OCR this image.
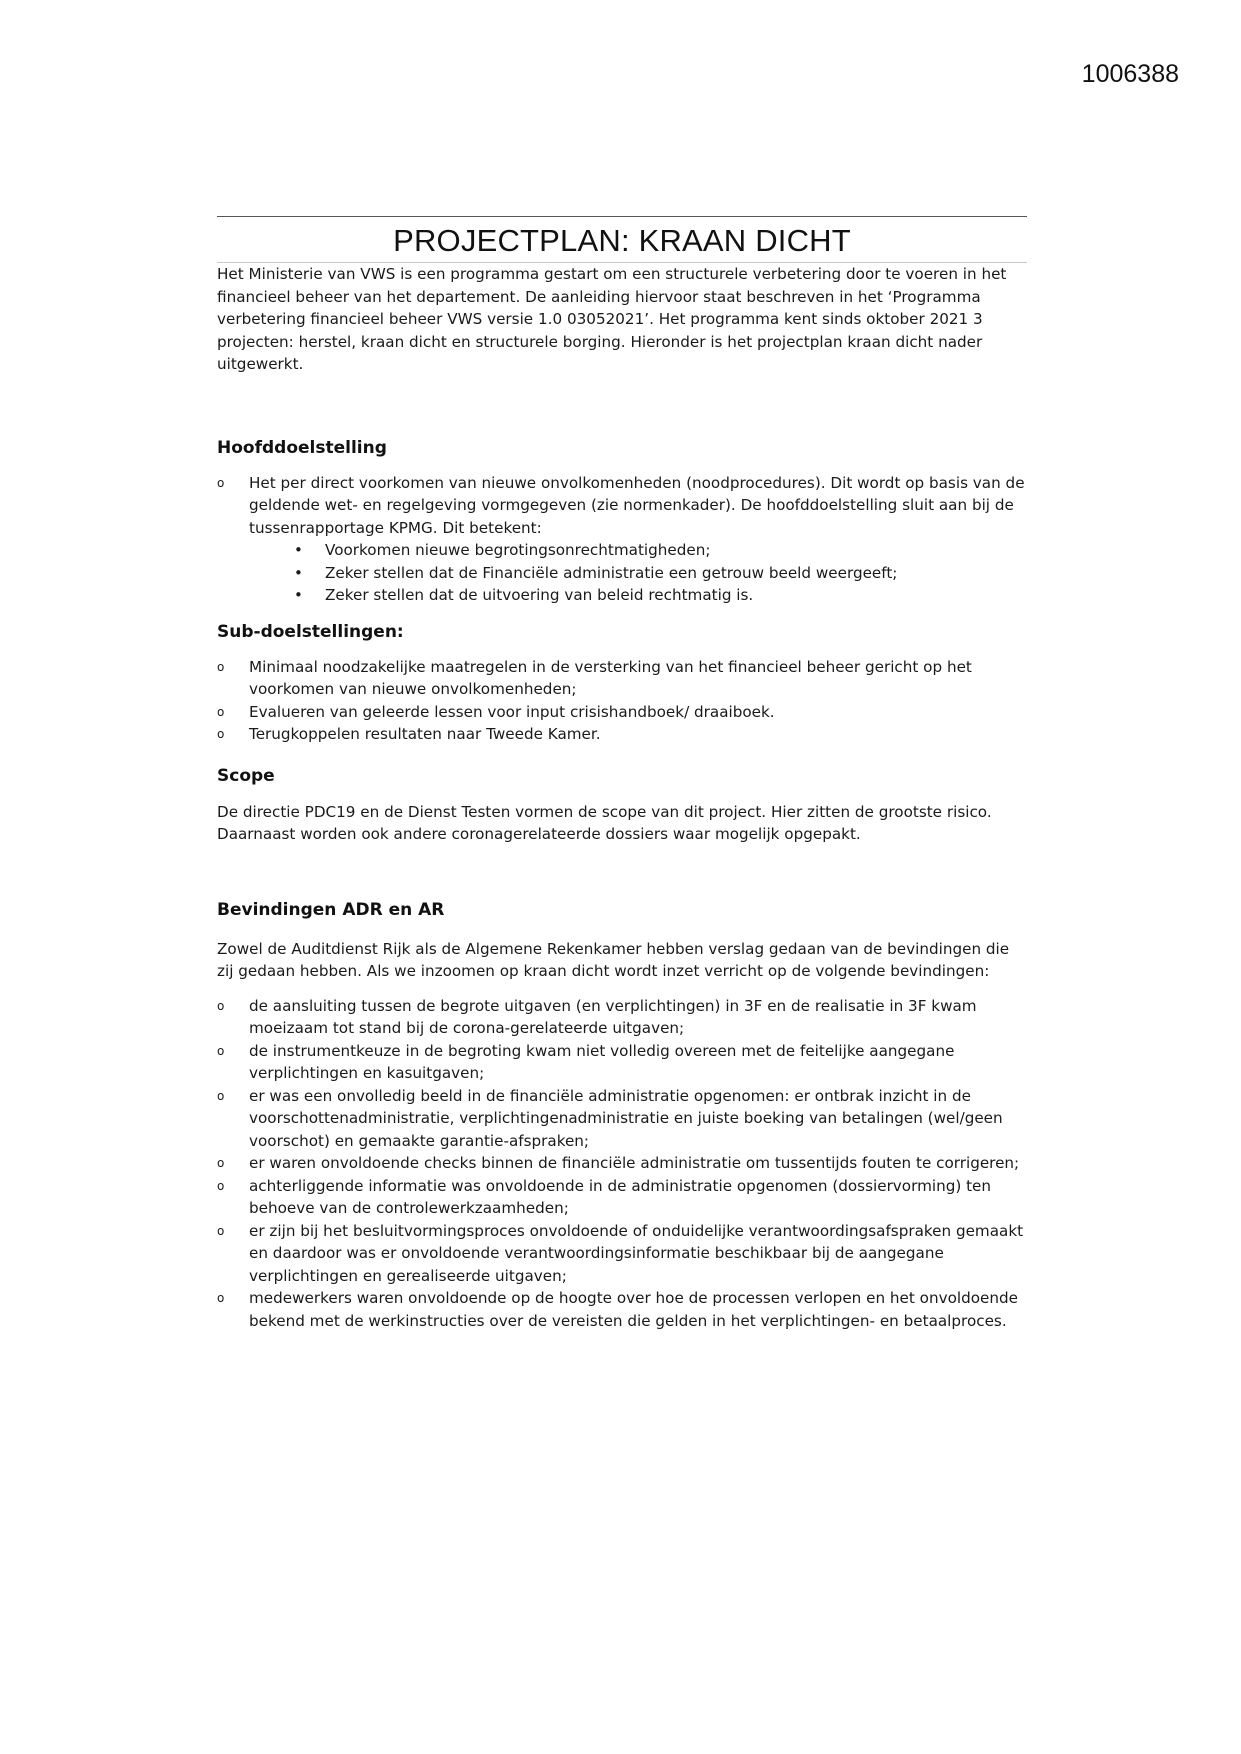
1006388
PROJECTPLAN: KRAAN DICHT

Het Ministerie van VWS is een programma gestart om een structurele verbetering door te voeren in het financieel beheer van het departement. De aanleiding hiervoor staat beschreven in het ‘Programma verbetering financieel beheer VWS versie 1.0 03052021’. Het programma kent sinds oktober 2021 3 projecten: herstel, kraan dicht en structurele borging. Hieronder is het projectplan kraan dicht nader uitgewerkt.

Hoofddoelstelling
o	Het per direct voorkomen van nieuwe onvolkomenheden (noodprocedures). Dit wordt op basis van de geldende wet- en regelgeving vormgegeven (zie normenkader). De hoofddoelstelling sluit aan bij de tussenrapportage KPMG. Dit betekent:
• Voorkomen nieuwe begrotingsonrechtmatigheden;
• Zeker stellen dat de Financiële administratie een getrouw beeld weergeeft;
• Zeker stellen dat de uitvoering van beleid rechtmatig is.
Sub-doelstellingen:
o	Minimaal noodzakelijke maatregelen in de versterking van het financieel beheer gericht op het voorkomen van nieuwe onvolkomenheden;
o	Evalueren van geleerde lessen voor input crisishandboek/ draaiboek.
o	Terugkoppelen resultaten naar Tweede Kamer.
Scope

De directie PDC19 en de Dienst Testen vormen de scope van dit project. Hier zitten de grootste risico. Daarnaast worden ook andere coronagerelateerde dossiers waar mogelijk opgepakt.

Bevindingen ADR en AR

Zowel de Auditdienst Rijk als de Algemene Rekenkamer hebben verslag gedaan van de bevindingen die zij gedaan hebben. Als we inzoomen op kraan dicht wordt inzet verricht op de volgende bevindingen:

o	de aansluiting tussen de begrote uitgaven (en verplichtingen) in 3F en de realisatie in 3F kwam moeizaam tot stand bij de corona-gerelateerde uitgaven;
o	de instrumentkeuze in de begroting kwam niet volledig overeen met de feitelijke aangegane verplichtingen en kasuitgaven;
o	er was een onvolledig beeld in de financiële administratie opgenomen: er ontbrak inzicht in de voorschottenadministratie, verplichtingenadministratie en juiste boeking van betalingen (wel/geen voorschot) en gemaakte garantie-afspraken;
o	er waren onvoldoende checks binnen de financiële administratie om tussentijds fouten te corrigeren;
o	achterliggende informatie was onvoldoende in de administratie opgenomen (dossiervorming) ten behoeve van de controlewerkzaamheden;
o	er zijn bij het besluitvormingsproces onvoldoende of onduidelijke verantwoordingsafspraken gemaakt en daardoor was er onvoldoende verantwoordingsinformatie beschikbaar bij de aangegane verplichtingen en gerealiseerde uitgaven;
o	medewerkers waren onvoldoende op de hoogte over hoe de processen verlopen en het onvoldoende bekend met de werkinstructies over de vereisten die gelden in het verplichtingen- en betaalproces.
